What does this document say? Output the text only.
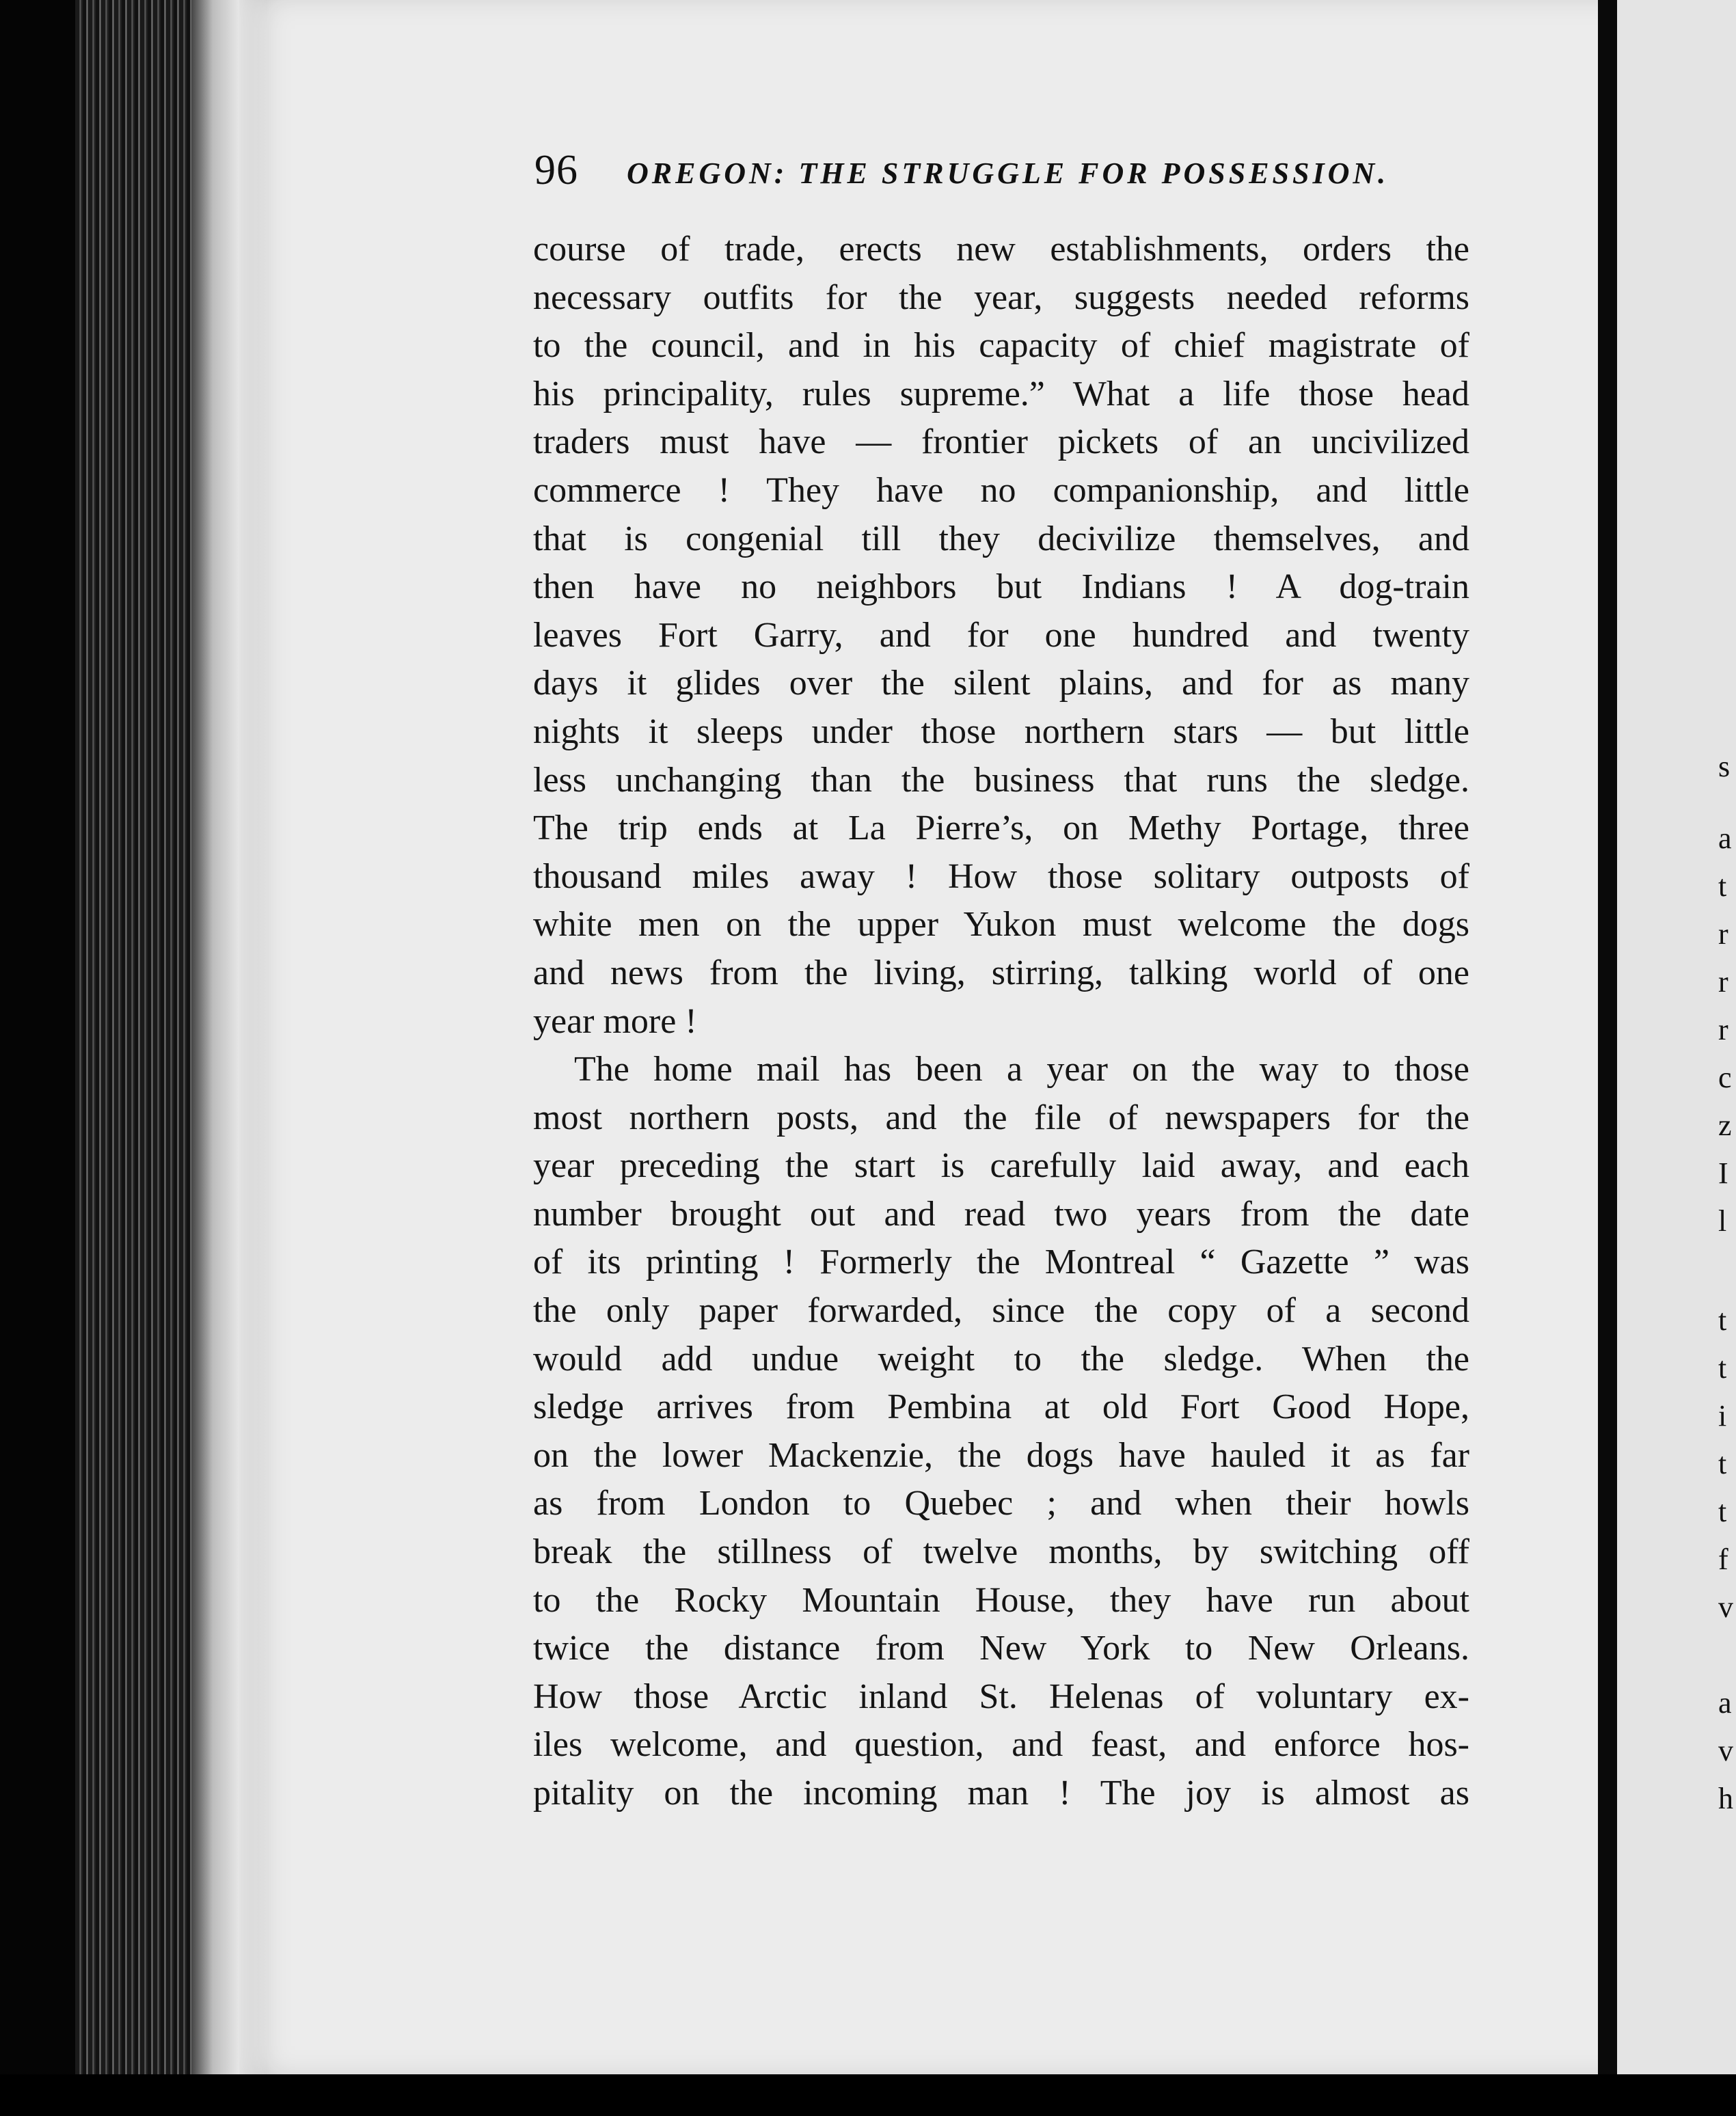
s
a
t
r
r
r
c
z
I
l
t
t
i
t
t
f
v
a
v
h
96 OREGON: THE STRUGGLE FOR POSSESSION.
course of trade, erects new establishments, orders the
necessary outfits for the year, suggests needed reforms
to the council, and in his capacity of chief magistrate of
his principality, rules supreme.” What a life those head
traders must have — frontier pickets of an uncivilized
commerce ! They have no companionship, and little
that is congenial till they decivilize themselves, and
then have no neighbors but Indians ! A dog-train
leaves Fort Garry, and for one hundred and twenty
days it glides over the silent plains, and for as many
nights it sleeps under those northern stars — but little
less unchanging than the business that runs the sledge.
The trip ends at La Pierre’s, on Methy Portage, three
thousand miles away ! How those solitary outposts of
white men on the upper Yukon must welcome the dogs
and news from the living, stirring, talking world of one
year more !
The home mail has been a year on the way to those
most northern posts, and the file of newspapers for the
year preceding the start is carefully laid away, and each
number brought out and read two years from the date
of its printing ! Formerly the Montreal “ Gazette ” was
the only paper forwarded, since the copy of a second
would add undue weight to the sledge. When the
sledge arrives from Pembina at old Fort Good Hope,
on the lower Mackenzie, the dogs have hauled it as far
as from London to Quebec ; and when their howls
break the stillness of twelve months, by switching off
to the Rocky Mountain House, they have run about
twice the distance from New York to New Orleans.
How those Arctic inland St. Helenas of voluntary ex-
iles welcome, and question, and feast, and enforce hos-
pitality on the incoming man ! The joy is almost as
